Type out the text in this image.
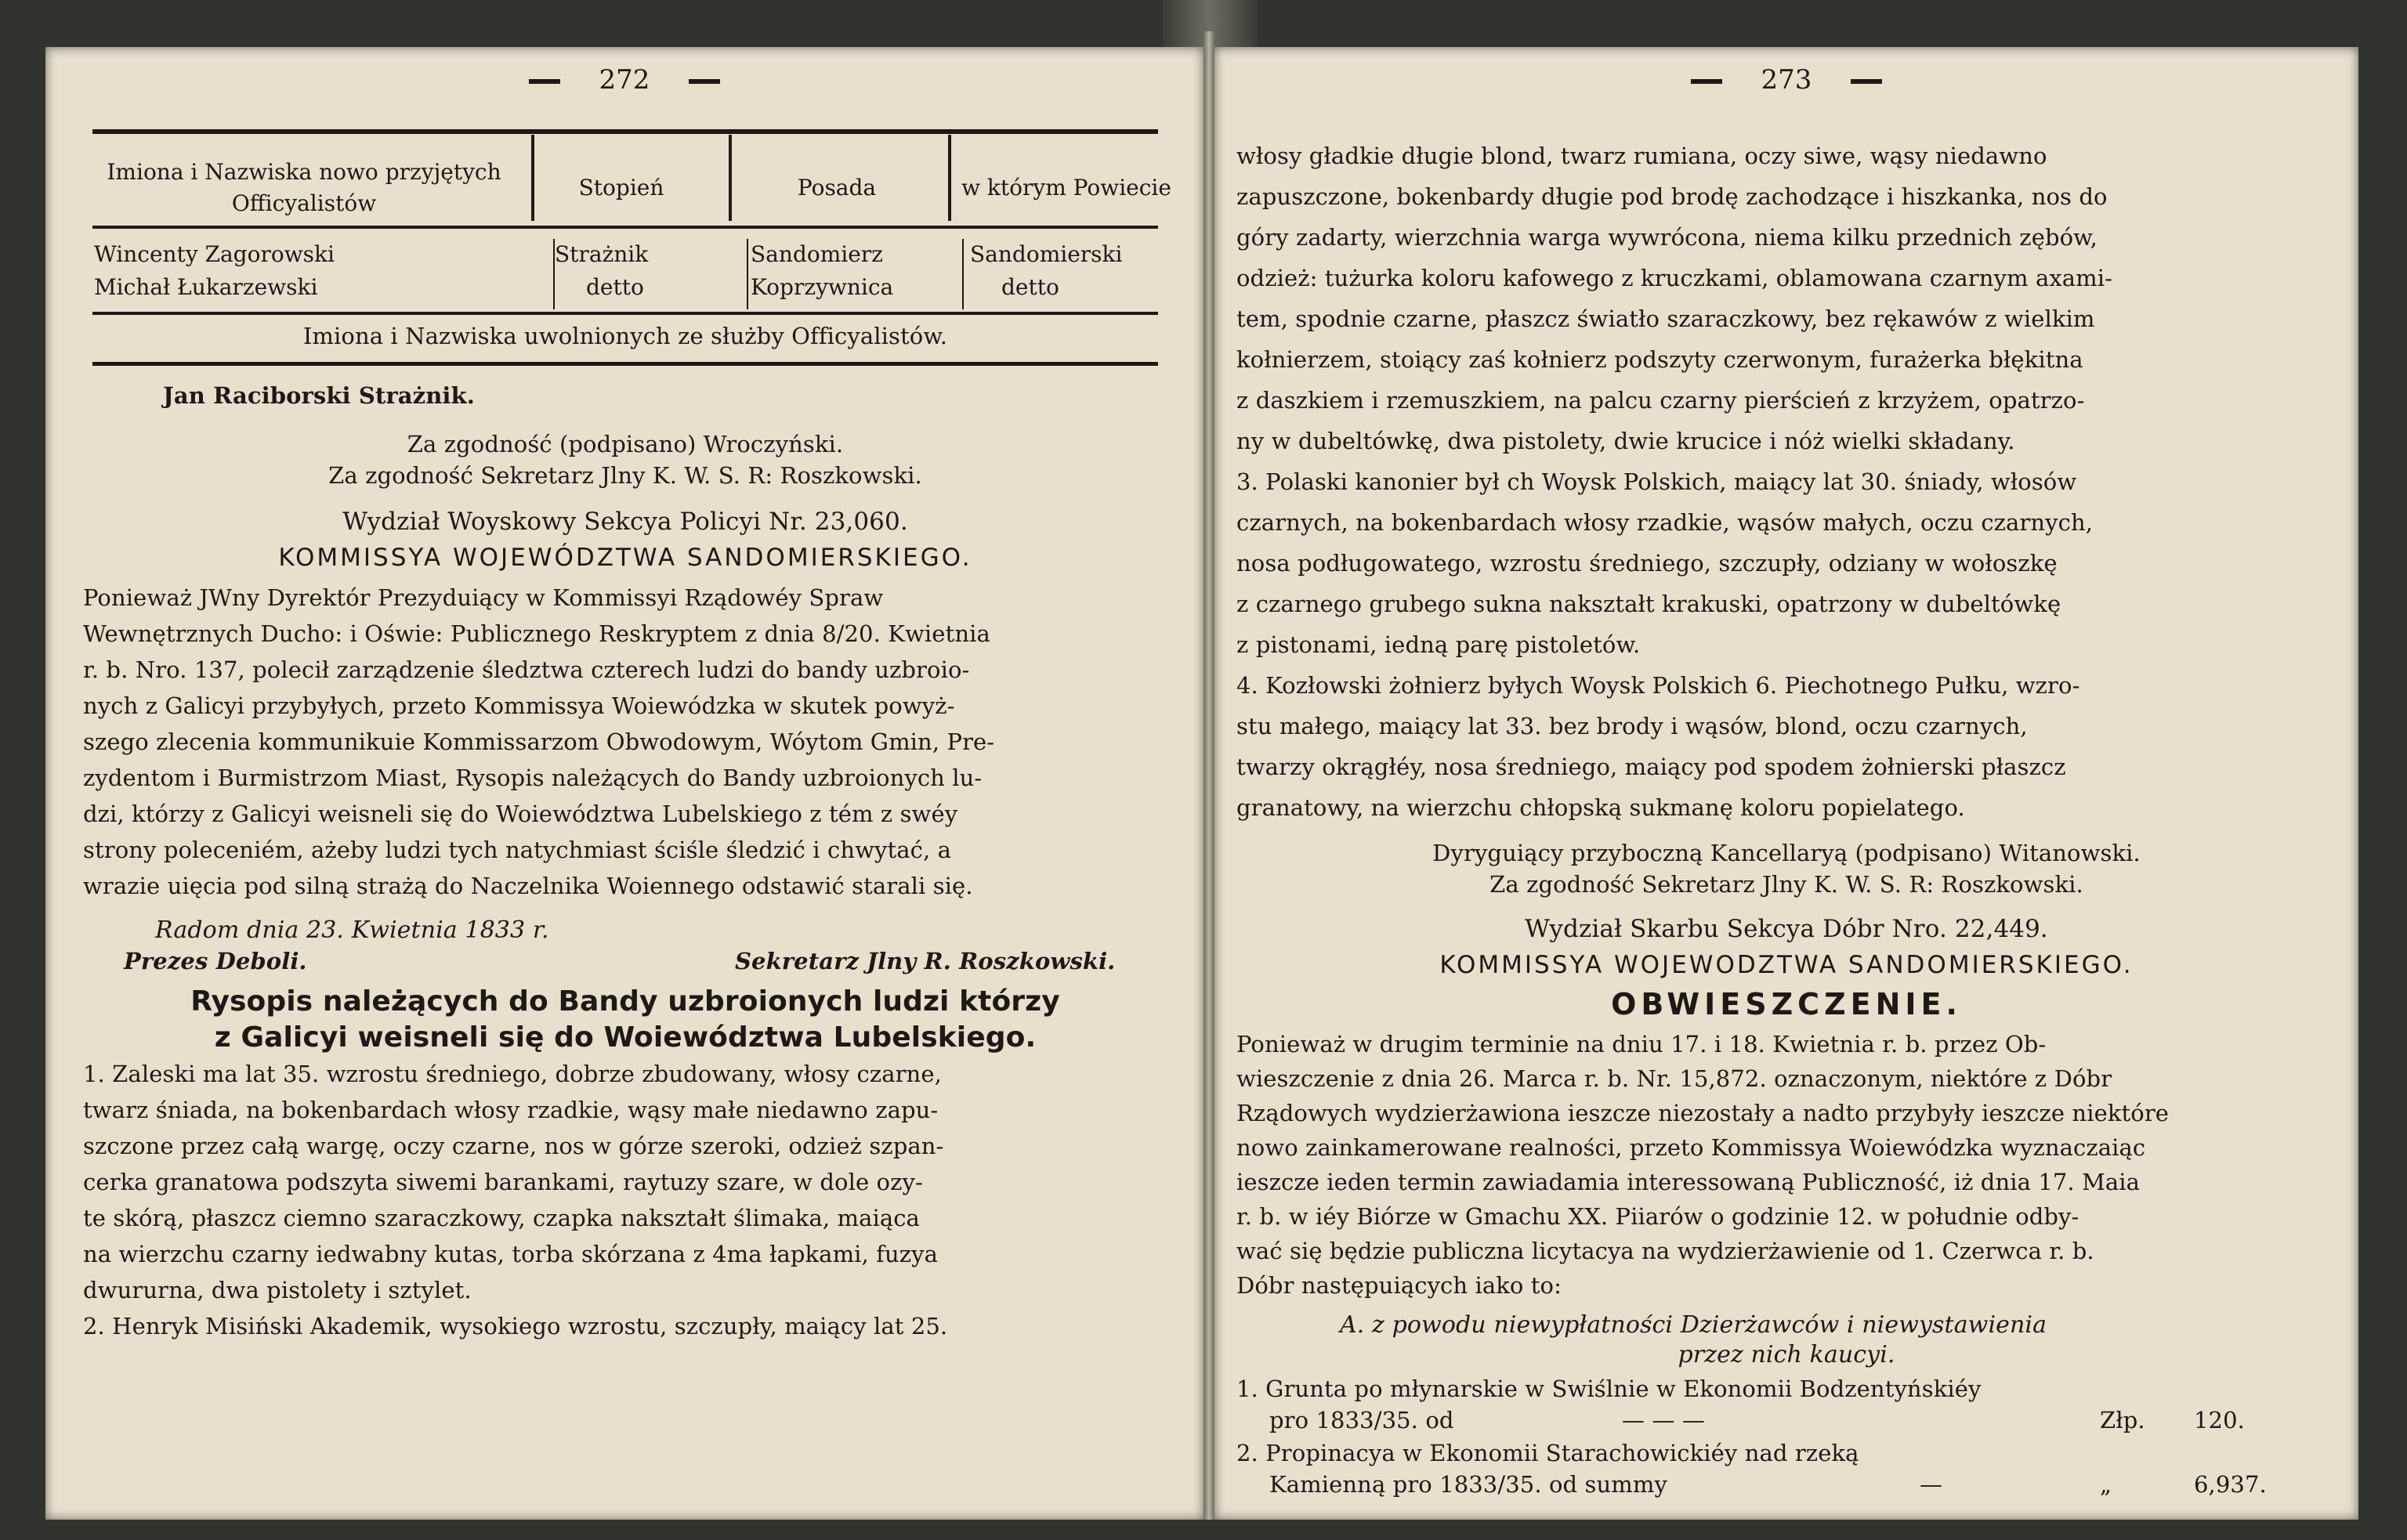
272
Imiona i Nazwiska nowo przyjętych Officyalistów
Stopień	Posada	w którym Powiecie
Wincenty Zagorowski	Strażnik	Sandomierz	Sandomierski
Michał Łukarzewski	detto	Koprzywnica	detto
Imiona i Nazwiska uwolnionych ze służby Officyalistów.
Jan Raciborski Strażnik.
Za zgodność (podpisano) Wroczyński.
Za zgodność Sekretarz Jlny K. W. S. R: Roszkowski.
Wydział Woyskowy Sekcya Policyi Nr. 23,060.
KOMMISSYA WOJEWÓDZTWA SANDOMIERSKIEGO.
Ponieważ JWny Dyrektór Prezyduiący w Kommissyi Rządowéy Spraw
Wewnętrznych Ducho: i Oświe: Publicznego Reskryptem z dnia 8/20. Kwietnia
r. b. Nro. 137, polecił zarządzenie śledztwa czterech ludzi do bandy uzbroio-
nych z Galicyi przybyłych, przeto Kommissya Woiewódzka w skutek powyż-
szego zlecenia kommunikuie Kommissarzom Obwodowym, Wóytom Gmin, Pre-
zydentom i Burmistrzom Miast, Rysopis należących do Bandy uzbroionych lu-
dzi, którzy z Galicyi weisneli się do Woiewództwa Lubelskiego z tém z swéy
strony poleceniém, ażeby ludzi tych natychmiast ściśle śledzić i chwytać, a
wrazie uięcia pod silną strażą do Naczelnika Woiennego odstawić starali się.
Radom dnia 23. Kwietnia 1833 r.
Prezes Deboli.	Sekretarz Jlny R. Roszkowski.
Rysopis należących do Bandy uzbroionych ludzi którzy
z Galicyi weisneli się do Woiewództwa Lubelskiego.
1. Zaleski ma lat 35. wzrostu średniego, dobrze zbudowany, włosy czarne,
twarz śniada, na bokenbardach włosy rzadkie, wąsy małe niedawno zapu-
szczone przez całą wargę, oczy czarne, nos w górze szeroki, odzież szpan-
cerka granatowa podszyta siwemi barankami, raytuzy szare, w dole ozy-
te skórą, płaszcz ciemno szaraczkowy, czapka nakształt ślimaka, maiąca
na wierzchu czarny iedwabny kutas, torba skórzana z 4ma łapkami, fuzya
dwururna, dwa pistolety i sztylet.
2. Henryk Misiński Akademik, wysokiego wzrostu, szczupły, maiący lat 25.
273
włosy gładkie długie blond, twarz rumiana, oczy siwe, wąsy niedawno
zapuszczone, bokenbardy długie pod brodę zachodzące i hiszkanka, nos do
góry zadarty, wierzchnia warga wywrócona, niema kilku przednich zębów,
odzież: tużurka koloru kafowego z kruczkami, oblamowana czarnym axami-
tem, spodnie czarne, płaszcz światło szaraczkowy, bez rękawów z wielkim
kołnierzem, stoiący zaś kołnierz podszyty czerwonym, furażerka błękitna
z daszkiem i rzemuszkiem, na palcu czarny pierścień z krzyżem, opatrzo-
ny w dubeltówkę, dwa pistolety, dwie krucice i nóż wielki składany.
3. Polaski kanonier był ch Woysk Polskich, maiący lat 30. śniady, włosów
czarnych, na bokenbardach włosy rzadkie, wąsów małych, oczu czarnych,
nosa podługowatego, wzrostu średniego, szczupły, odziany w wołoszkę
z czarnego grubego sukna nakształt krakuski, opatrzony w dubeltówkę
z pistonami, iedną parę pistoletów.
4. Kozłowski żołnierz byłych Woysk Polskich 6. Piechotnego Pułku, wzro-
stu małego, maiący lat 33. bez brody i wąsów, blond, oczu czarnych,
twarzy okrągłéy, nosa średniego, maiący pod spodem żołnierski płaszcz
granatowy, na wierzchu chłopską sukmanę koloru popielatego.
Dyryguiący przyboczną Kancellaryą (podpisano) Witanowski.
Za zgodność Sekretarz Jlny K. W. S. R: Roszkowski.
Wydział Skarbu Sekcya Dóbr Nro. 22,449.
KOMMISSYA WOJEWODZTWA SANDOMIERSKIEGO.
OBWIESZCZENIE.
Ponieważ w drugim terminie na dniu 17. i 18. Kwietnia r. b. przez Ob-
wieszczenie z dnia 26. Marca r. b. Nr. 15,872. oznaczonym, niektóre z Dóbr
Rządowych wydzierżawiona ieszcze niezostały a nadto przybyły ieszcze niektóre
nowo zainkamerowane realności, przeto Kommissya Woiewódzka wyznaczaiąc
ieszcze ieden termin zawiadamia interessowaną Publiczność, iż dnia 17. Maia
r. b. w iéy Biórze w Gmachu XX. Piiarów o godzinie 12. w południe odby-
wać się będzie publiczna licytacya na wydzierżawienie od 1. Czerwca r. b.
Dóbr następuiących iako to:
A. z powodu niewypłatności Dzierżawców i niewystawienia
przez nich kaucyi.
1. Grunta po młynarskie w Swiślnie w Ekonomii Bodzentyńskiéy
pro 1833/35. od	— — —	Złp. 120.
2. Propinacya w Ekonomii Starachowickiéy nad rzeką
Kamienną pro 1833/35. od summy	—	„	6,937.
